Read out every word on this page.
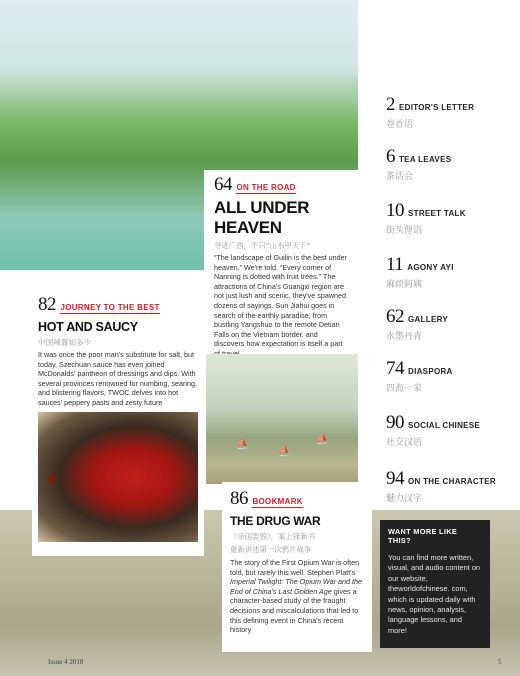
64 ON THE ROAD
ALL UNDER HEAVEN
寻迹广西，不只“山水甲天下”
“The landscape of Guilin is the best under heaven,” We're told. “Every corner of Nanning is dotted with fruit trees.” The attractions of China's Guangxi region are not just lush and scenic, they've spawned dozens of sayings. Sun Jiahui goes in search of the earthly paradise, from bustling Yangshuo to the remote Detian Falls on the Vietnam border, and discovers how expectation is itself a part
⛵
⛵
⛵
82 JOURNEY TO THE BEST
HOT AND SAUCY
中国辣酱知多少
It was once the poor man's substitute for salt, but today, Szechuan sauce has even joined McDonalds' pantheon of dressings and dips. With several provinces renowned for numbing, searing, and blistering flavors, TWOC delves into hot sauces' peppery pasts and zesty future
✷
86 BOOKMARK
THE DRUG WAR
《帝国轰毁》，案上锋新书
重新讲述第一次鸦片战争
The story of the First Opium War is often told, but rarely this well. Stephen Platt's Imperial Twilight: The Opium War and the End of China's Last Golden Age gives a character-based study of the fraught decisions and miscalculations that led to this defining event in China's recent history
2 EDITOR'S LETTER
卷首语
6 TEA LEAVES
茶话会
10 STREET TALK
街头俚语
11 AGONY AYI
麻烦阿姨
62 GALLERY
水墨丹青
74 DIASPORA
四海一家
90 SOCIAL CHINESE
社交汉语
94 ON THE CHARACTER
魅力汉字
WANT MORE LIKE THIS?
You can find more written, visual, and audio content on our website, theworldofchinese. com, which is updated daily with news, opinion, analysis, language lessons, and more!
Issue 4 2018	5
